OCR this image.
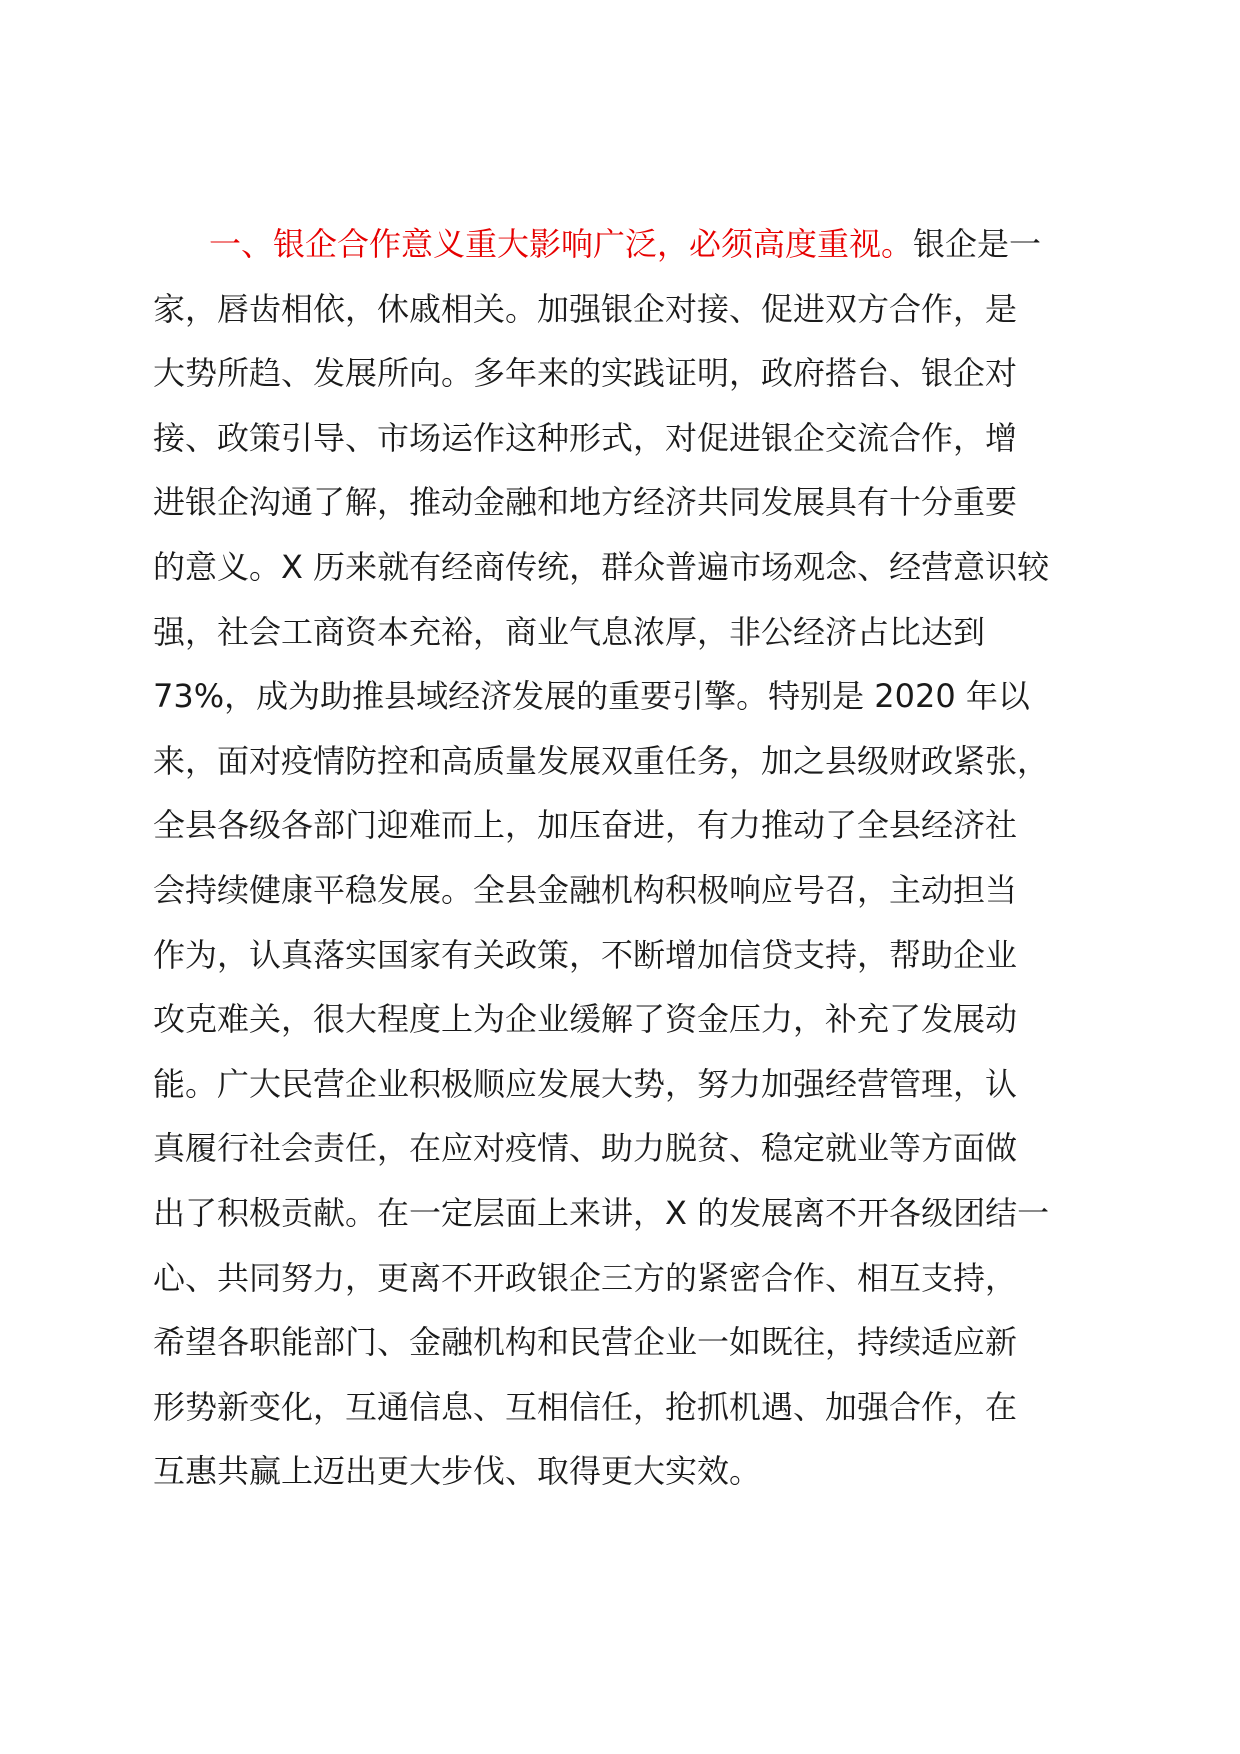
一、银企合作意义重大影响广泛，必须高度重视。银企是一
家，唇齿相依，休戚相关。加强银企对接、促进双方合作，是
大势所趋、发展所向。多年来的实践证明，政府搭台、银企对
接、政策引导、市场运作这种形式，对促进银企交流合作，增
进银企沟通了解，推动金融和地方经济共同发展具有十分重要
的意义。X 历来就有经商传统，群众普遍市场观念、经营意识较
强，社会工商资本充裕，商业气息浓厚，非公经济占比达到
73%，成为助推县域经济发展的重要引擎。特别是 2020 年以
来，面对疫情防控和高质量发展双重任务，加之县级财政紧张，
全县各级各部门迎难而上，加压奋进，有力推动了全县经济社
会持续健康平稳发展。全县金融机构积极响应号召，主动担当
作为，认真落实国家有关政策，不断增加信贷支持，帮助企业
攻克难关，很大程度上为企业缓解了资金压力，补充了发展动
能。广大民营企业积极顺应发展大势，努力加强经营管理，认
真履行社会责任，在应对疫情、助力脱贫、稳定就业等方面做
出了积极贡献。在一定层面上来讲，X 的发展离不开各级团结一
心、共同努力，更离不开政银企三方的紧密合作、相互支持，
希望各职能部门、金融机构和民营企业一如既往，持续适应新
形势新变化，互通信息、互相信任，抢抓机遇、加强合作，在
互惠共赢上迈出更大步伐、取得更大实效。
